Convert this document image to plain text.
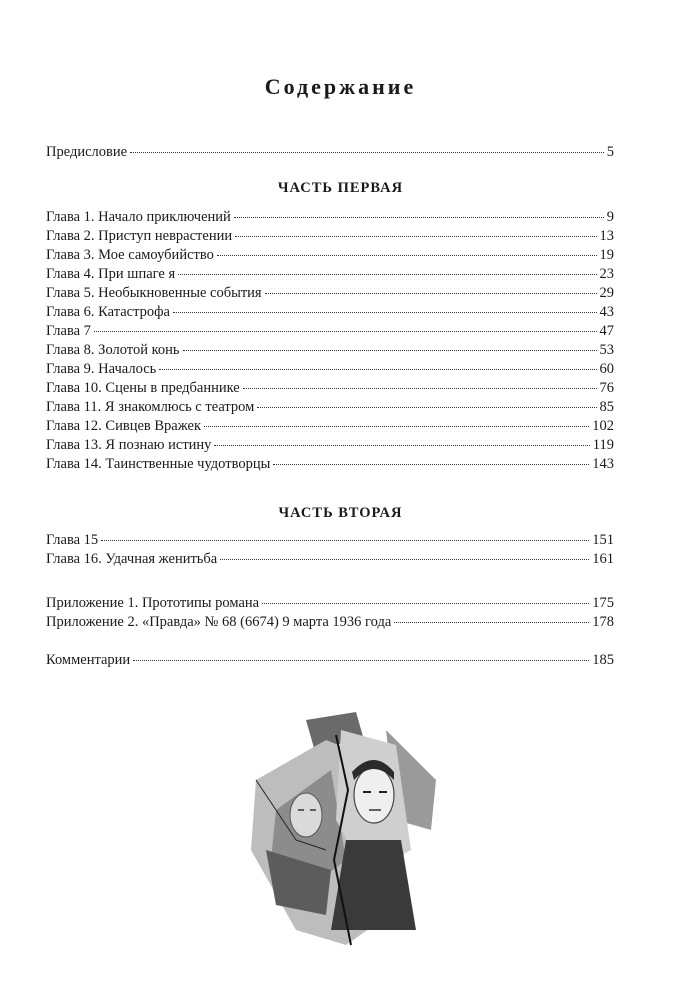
Содержание
Предисловие	5
ЧАСТЬ ПЕРВАЯ
Глава 1. Начало приключений	9
Глава 2. Приступ неврастении	13
Глава 3. Мое самоубийство	19
Глава 4. При шпаге я	23
Глава 5. Необыкновенные события	29
Глава 6. Катастрофа	43
Глава 7	47
Глава 8. Золотой конь	53
Глава 9. Началось	60
Глава 10. Сцены в предбаннике	76
Глава 11. Я знакомлюсь с театром	85
Глава 12. Сивцев Вражек	102
Глава 13. Я познаю истину	119
Глава 14. Таинственные чудотворцы	143
ЧАСТЬ ВТОРАЯ
Глава 15	151
Глава 16. Удачная женитьба	161
Приложение 1. Прототипы романа	175
Приложение 2. «Правда» № 68 (6674) 9 марта 1936 года	178
Комментарии	185
